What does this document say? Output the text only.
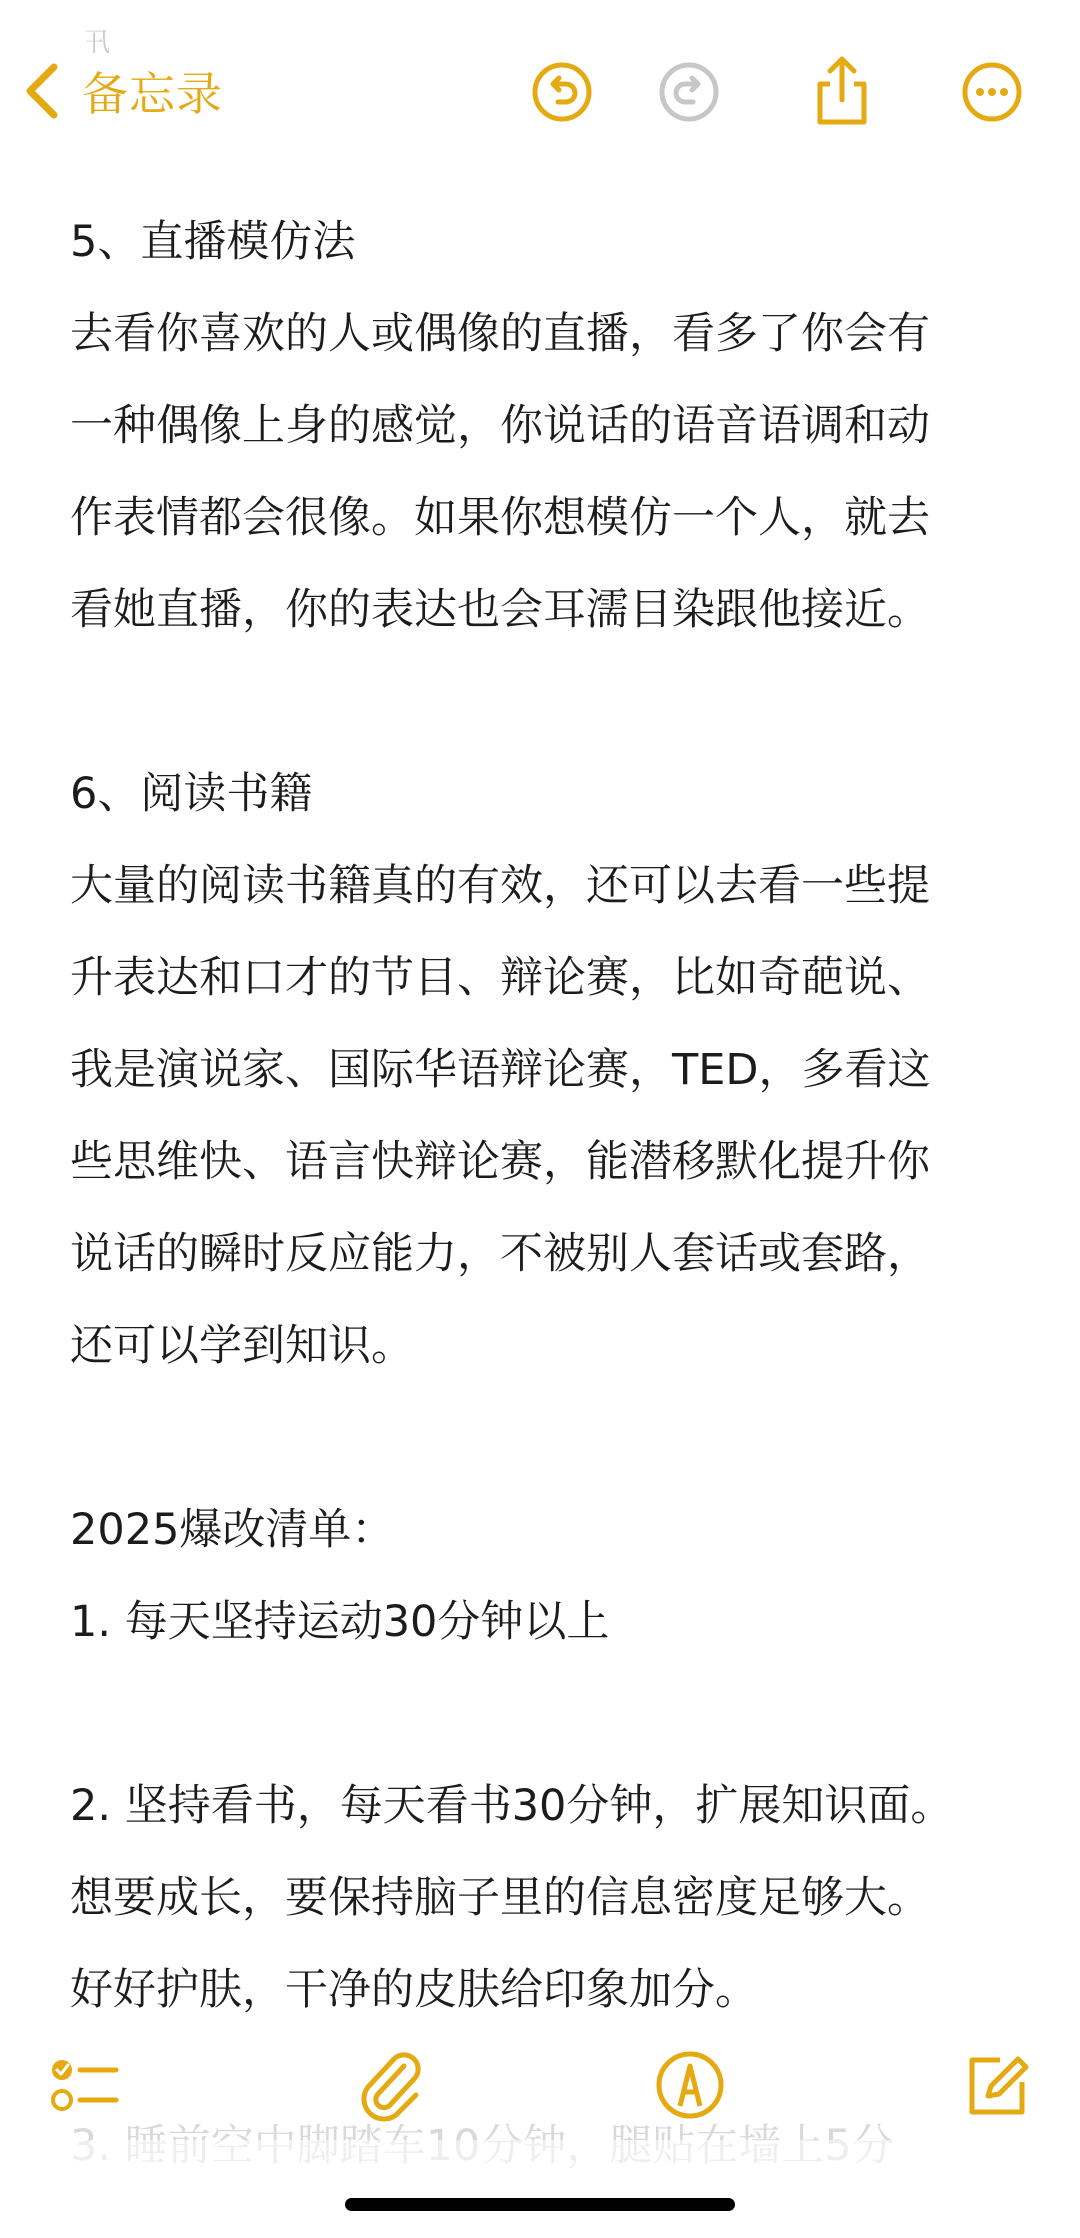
卂
备忘录
5、直播模仿法
去看你喜欢的人或偶像的直播，看多了你会有
一种偶像上身的感觉，你说话的语音语调和动
作表情都会很像。如果你想模仿一个人，就去
看她直播，你的表达也会耳濡目染跟他接近。
6、阅读书籍
大量的阅读书籍真的有效，还可以去看一些提
升表达和口才的节目、辩论赛，比如奇葩说、
我是演说家、国际华语辩论赛，TED，多看这
些思维快、语言快辩论赛，能潜移默化提升你
说话的瞬时反应能力，不被别人套话或套路，
还可以学到知识。
2025爆改清单：
1. 每天坚持运动30分钟以上
2. 坚持看书，每天看书30分钟，扩展知识面。
想要成长，要保持脑子里的信息密度足够大。
好好护肤，干净的皮肤给印象加分。
